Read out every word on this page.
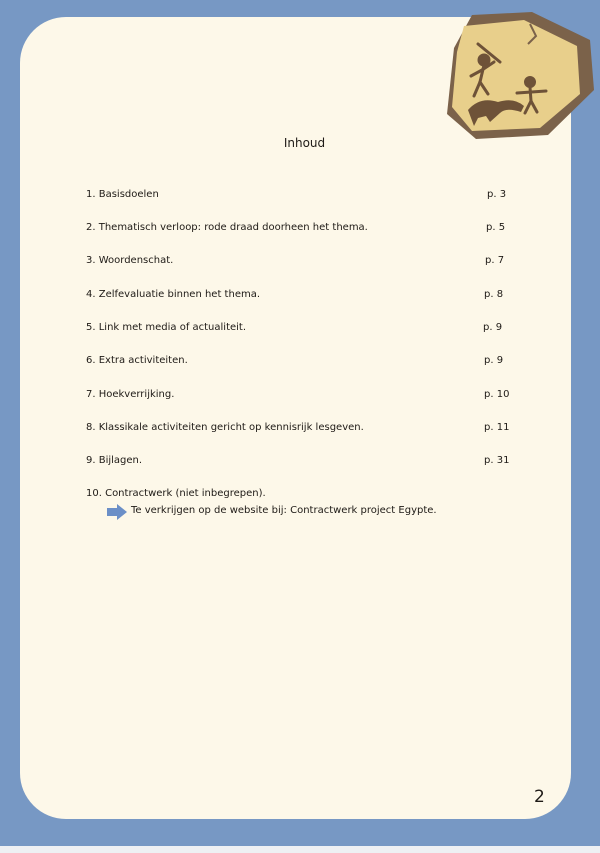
Inhoud
1. Basisdoelen	p. 3
2. Thematisch verloop: rode draad doorheen het thema.	p. 5
3. Woordenschat.	p. 7
4. Zelfevaluatie binnen het thema.	p. 8
5. Link met media of actualiteit.	p. 9
6. Extra activiteiten.	p. 9
7. Hoekverrijking.	p. 10
8. Klassikale activiteiten gericht op kennisrijk lesgeven.	p. 11
9. Bijlagen.	p. 31
10. Contractwerk (niet inbegrepen).
Te verkrijgen op de website bij: Contractwerk project Egypte.
2
